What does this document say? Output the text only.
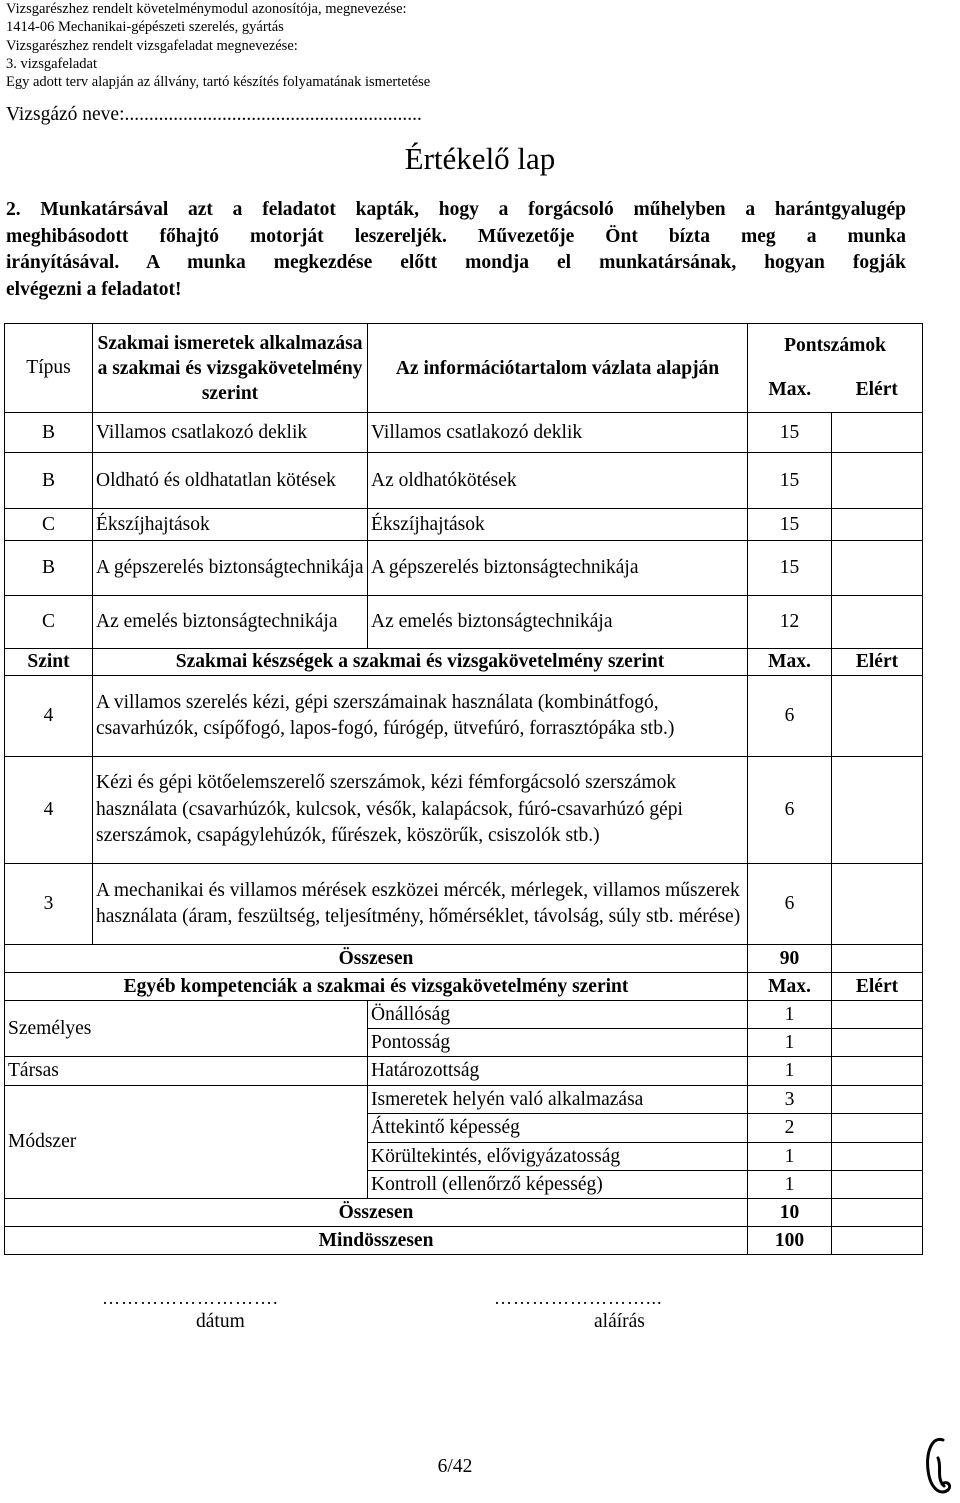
Vizsgarészhez rendelt követelménymodul azonosítója, megnevezése:
1414-06 Mechanikai-gépészeti szerelés, gyártás
Vizsgarészhez rendelt vizsgafeladat megnevezése:
3. vizsgafeladat
Egy adott terv alapján az állvány, tartó készítés folyamatának ismertetése
Vizsgázó neve:.............................................................
Értékelő lap
2. Munkatársával azt a feladatot kapták, hogy a forgácsoló műhelyben a harántgyalugép
meghibásodott főhajtó motorját leszereljék. Művezetője Önt bízta meg a munka
irányításával. A munka megkezdése előtt mondja el munkatársának, hogyan fogják
elvégezni a feladatot!
Típus	Szakmai ismeretek alkalmazása a szakmai és vizsgakövetelmény szerint	Az információtartalom vázlata alapján	Pontszámok	
			Max.	Elért
B	Villamos csatlakozó deklik	Villamos csatlakozó deklik	15	
B	Oldható és oldhatatlan kötések	Az oldhatókötések	15	
C	Ékszíjhajtások	Ékszíjhajtások	15	
B	A gépszerelés biztonságtechnikája	A gépszerelés biztonságtechnikája	15	
C	Az emelés biztonságtechnikája	Az emelés biztonságtechnikája	12	
Szint	Szakmai készségek a szakmai és vizsgakövetelmény szerint		Max.	Elért
4	A villamos szerelés kézi, gépi szerszámainak használata (kombinátfogó, csavarhúzók, csípőfogó, lapos-fogó, fúrógép, ütvefúró, forrasztópáka stb.)		6	
4	Kézi és gépi kötőelemszerelő szerszámok, kézi fémforgácsoló szerszámok használata (csavarhúzók, kulcsok, vésők, kalapácsok, fúró-csavarhúzó gépi szerszámok, csapágylehúzók, fűrészek, köszörűk, csiszolók stb.)		6	
3	A mechanikai és villamos mérések eszközei mércék, mérlegek, villamos műszerek használata (áram, feszültség, teljesítmény, hőmérséklet, távolság, súly stb. mérése)		6	
Összesen			90	
Egyéb kompetenciák a szakmai és vizsgakövetelmény szerint			Max.	Elért
Személyes		Önállóság	1	
		Pontosság	1	
Társas		Határozottság	1	
Módszer		Ismeretek helyén való alkalmazása	3	
		Áttekintő képesség	2	
		Körültekintés, elővigyázatosság	1	
		Kontroll (ellenőrző képesség)	1	
Összesen			10	
Mindösszesen			100	
……………………….
dátum
……………………...
aláírás
6/42
